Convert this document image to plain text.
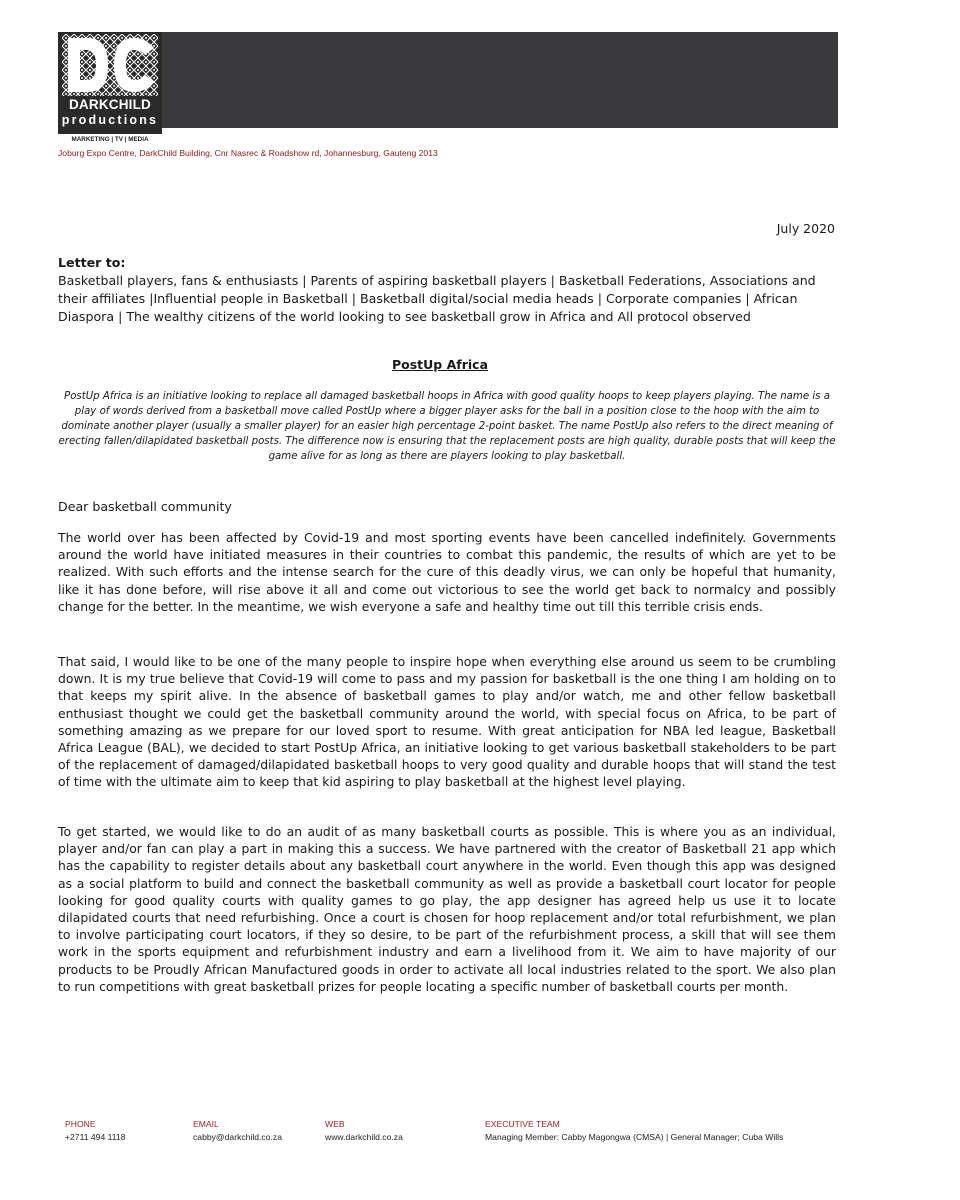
DARKCHILD
productions
MARKETING | TV | MEDIA
Joburg Expo Centre, DarkChild Building, Cnr Nasrec & Roadshow rd, Johannesburg, Gauteng 2013
July 2020
Letter to:
Basketball players, fans & enthusiasts | Parents of aspiring basketball players | Basketball Federations, Associations and their affiliates |Influential people in Basketball | Basketball digital/social media heads | Corporate companies | African Diaspora | The wealthy citizens of the world looking to see basketball grow in Africa and All protocol observed
PostUp Africa
PostUp Africa is an initiative looking to replace all damaged basketball hoops in Africa with good quality hoops to keep players playing. The name is a play of words derived from a basketball move called PostUp where a bigger player asks for the ball in a position close to the hoop with the aim to dominate another player (usually a smaller player) for an easier high percentage 2-point basket. The name PostUp also refers to the direct meaning of erecting fallen/dilapidated basketball posts. The difference now is ensuring that the replacement posts are high quality, durable posts that will keep the game alive for as long as there are players looking to play basketball.
Dear basketball community
The world over has been affected by Covid-19 and most sporting events have been cancelled indefinitely. Governments around the world have initiated measures in their countries to combat this pandemic, the results of which are yet to be realized. With such efforts and the intense search for the cure of this deadly virus, we can only be hopeful that humanity, like it has done before, will rise above it all and come out victorious to see the world get back to normalcy and possibly change for the better. In the meantime, we wish everyone a safe and healthy time out till this terrible crisis ends.
That said, I would like to be one of the many people to inspire hope when everything else around us seem to be crumbling down. It is my true believe that Covid-19 will come to pass and my passion for basketball is the one thing I am holding on to that keeps my spirit alive. In the absence of basketball games to play and/or watch, me and other fellow basketball enthusiast thought we could get the basketball community around the world, with special focus on Africa, to be part of something amazing as we prepare for our loved sport to resume. With great anticipation for NBA led league, Basketball Africa League (BAL), we decided to start PostUp Africa, an initiative looking to get various basketball stakeholders to be part of the replacement of damaged/dilapidated basketball hoops to very good quality and durable hoops that will stand the test of time with the ultimate aim to keep that kid aspiring to play basketball at the highest level playing.
To get started, we would like to do an audit of as many basketball courts as possible. This is where you as an individual, player and/or fan can play a part in making this a success. We have partnered with the creator of Basketball 21 app which has the capability to register details about any basketball court anywhere in the world. Even though this app was designed as a social platform to build and connect the basketball community as well as provide a basketball court locator for people looking for good quality courts with quality games to go play, the app designer has agreed help us use it to locate dilapidated courts that need refurbishing. Once a court is chosen for hoop replacement and/or total refurbishment, we plan to involve participating court locators, if they so desire, to be part of the refurbishment process, a skill that will see them work in the sports equipment and refurbishment industry and earn a livelihood from it. We aim to have majority of our products to be Proudly African Manufactured goods in order to activate all local industries related to the sport. We also plan to run competitions with great basketball prizes for people locating a specific number of basketball courts per month.
PHONE
+2711 494 1118
EMAIL
cabby@darkchild.co.za
WEB
www.darkchild.co.za
EXECUTIVE TEAM
Managing Member: Cabby Magongwa (CMSA) | General Manager; Cuba Wills
